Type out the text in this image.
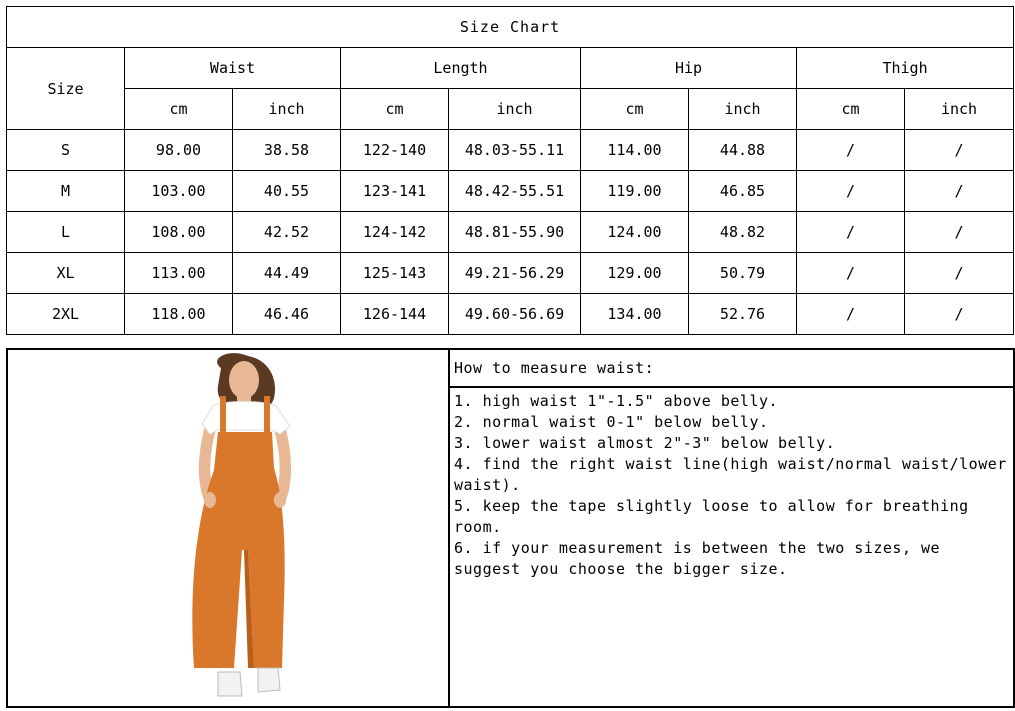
Size Chart								
Size	Waist		Length		Hip		Thigh	
	cm	inch	cm	inch	cm	inch	cm	inch
S	98.00	38.58	122-140	48.03-55.11	114.00	44.88	/	/
M	103.00	40.55	123-141	48.42-55.51	119.00	46.85	/	/
L	108.00	42.52	124-142	48.81-55.90	124.00	48.82	/	/
XL	113.00	44.49	125-143	49.21-56.29	129.00	50.79	/	/
2XL	118.00	46.46	126-144	49.60-56.69	134.00	52.76	/	/
How to measure waist:
1. high waist 1"-1.5" above belly.
2. normal waist 0-1" below belly.
3. lower waist almost 2"-3" below belly.
4. find the right waist line(high waist/normal waist/lower waist).
5. keep the tape slightly loose to allow for breathing room.
6. if your measurement is between the two sizes, we suggest you choose the bigger size.
